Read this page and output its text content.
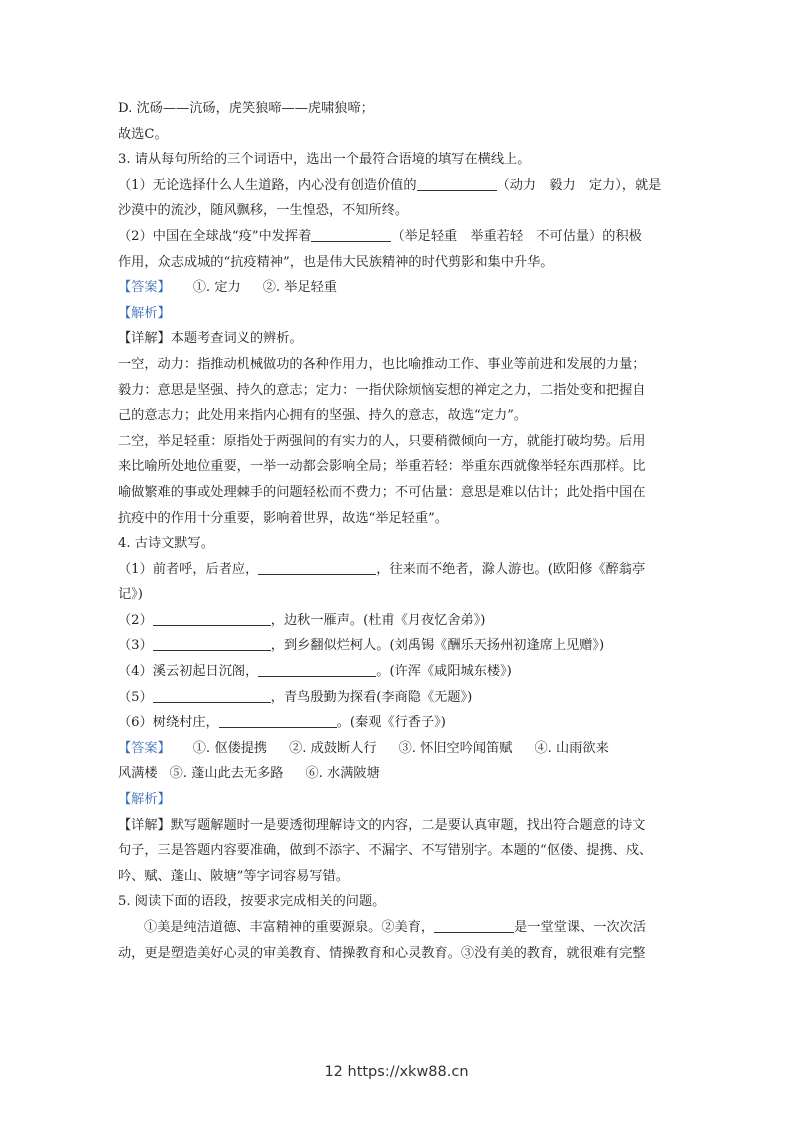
D. 沈砀——沆砀，虎笑狼啼——虎啸狼啼；
故选C。
3. 请从每句所给的三个词语中，选出一个最符合语境的填写在横线上。
（1）无论选择什么人生道路，内心没有创造价值的	（动力　毅力　定力），就是
沙漠中的流沙，随风飘移，一生惶恐，不知所终。
（2）中国在全球战“疫”中发挥着	（举足轻重　举重若轻　不可估量）的积极
作用，众志成城的“抗疫精神”，也是伟大民族精神的时代剪影和集中升华。
【答案】 ①. 定力 ②. 举足轻重
【解析】
【详解】本题考查词义的辨析。
一空，动力：指推动机械做功的各种作用力，也比喻推动工作、事业等前进和发展的力量；
毅力：意思是坚强、持久的意志；定力：一指伏除烦恼妄想的禅定之力，二指处变和把握自
己的意志力；此处用来指内心拥有的坚强、持久的意志，故选“定力”。
二空，举足轻重：原指处于两强间的有实力的人，只要稍微倾向一方，就能打破均势。后用
来比喻所处地位重要，一举一动都会影响全局；举重若轻：举重东西就像举轻东西那样。比
喻做繁难的事或处理棘手的问题轻松而不费力；不可估量：意思是难以估计；此处指中国在
抗疫中的作用十分重要，影响着世界，故选“举足轻重”。
4. 古诗文默写。
（1）前者呼，后者应，	，往来而不绝者，滁人游也。(欧阳修《醉翁亭
记》)
（2）	，边秋一雁声。(杜甫《月夜忆舍弟》)
（3）	，到乡翻似烂柯人。(刘禹锡《酬乐天扬州初逢席上见赠》)
（4）溪云初起日沉阁，	。(许浑《咸阳城东楼》)
（5）	，青鸟殷勤为探看(李商隐《无题》)
（6）树绕村庄，	。(秦观《行香子》)
【答案】 ①. 伛偻提携 ②. 成鼓断人行 ③. 怀旧空吟闻笛赋 ④. 山雨欲来
风满楼 ⑤. 蓬山此去无多路 ⑥. 水满陂塘
【解析】
【详解】默写题解题时一是要透彻理解诗文的内容，二是要认真审题，找出符合题意的诗文
句子，三是答题内容要准确，做到不添字、不漏字、不写错别字。本题的“伛偻、提携、戍、
吟、赋、蓬山、陂塘”等字词容易写错。
5. 阅读下面的语段，按要求完成相关的问题。
①美是纯洁道德、丰富精神的重要源泉。②美育，	是一堂堂课、一次次活
动，更是塑造美好心灵的审美教育、情操教育和心灵教育。③没有美的教育，就很难有完整
12 https://xkw88.cn
